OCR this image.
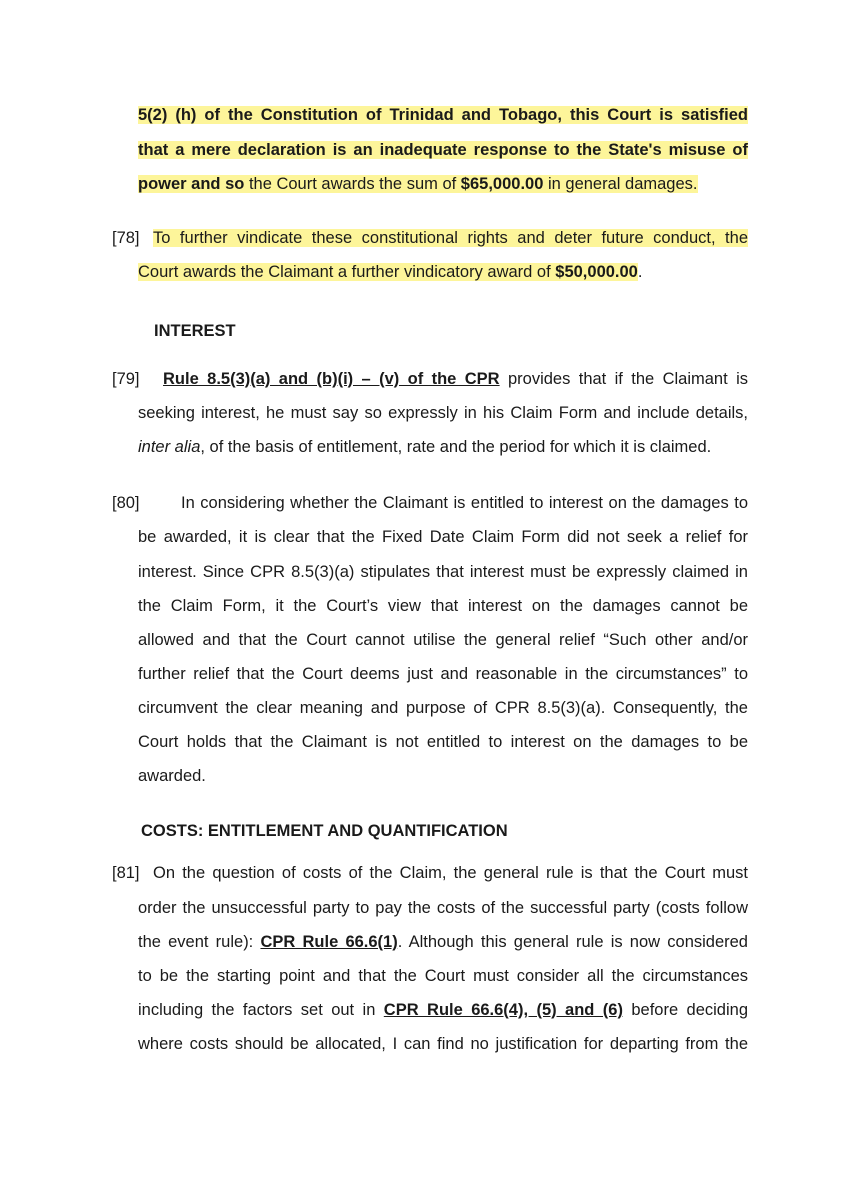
5(2) (h) of the Constitution of Trinidad and Tobago, this Court is satisfied

that a mere declaration is an inadequate response to the State's misuse of

power and so the Court awards the sum of $65,000.00 in general damages.

[78] To further vindicate these constitutional rights and deter future conduct, the

Court awards the Claimant a further vindicatory award of $50,000.00.

INTEREST

[79] Rule 8.5(3)(a) and (b)(i) – (v) of the CPR provides that if the Claimant is

seeking interest, he must say so expressly in his Claim Form and include details,

inter alia, of the basis of entitlement, rate and the period for which it is claimed.

[80]	In considering whether the Claimant is entitled to interest on the damages to

be awarded, it is clear that the Fixed Date Claim Form did not seek a relief for

interest. Since CPR 8.5(3)(a) stipulates that interest must be expressly claimed in

the Claim Form, it the Court’s view that interest on the damages cannot be

allowed and that the Court cannot utilise the general relief “Such other and/or

further relief that the Court deems just and reasonable in the circumstances” to

circumvent the clear meaning and purpose of CPR 8.5(3)(a). Consequently, the

Court holds that the Claimant is not entitled to interest on the damages to be

awarded.

COSTS: ENTITLEMENT AND QUANTIFICATION

[81] On the question of costs of the Claim, the general rule is that the Court must

order the unsuccessful party to pay the costs of the successful party (costs follow

the event rule): CPR Rule 66.6(1). Although this general rule is now considered

to be the starting point and that the Court must consider all the circumstances

including the factors set out in CPR Rule 66.6(4), (5) and (6) before deciding

where costs should be allocated, I can find no justification for departing from the
